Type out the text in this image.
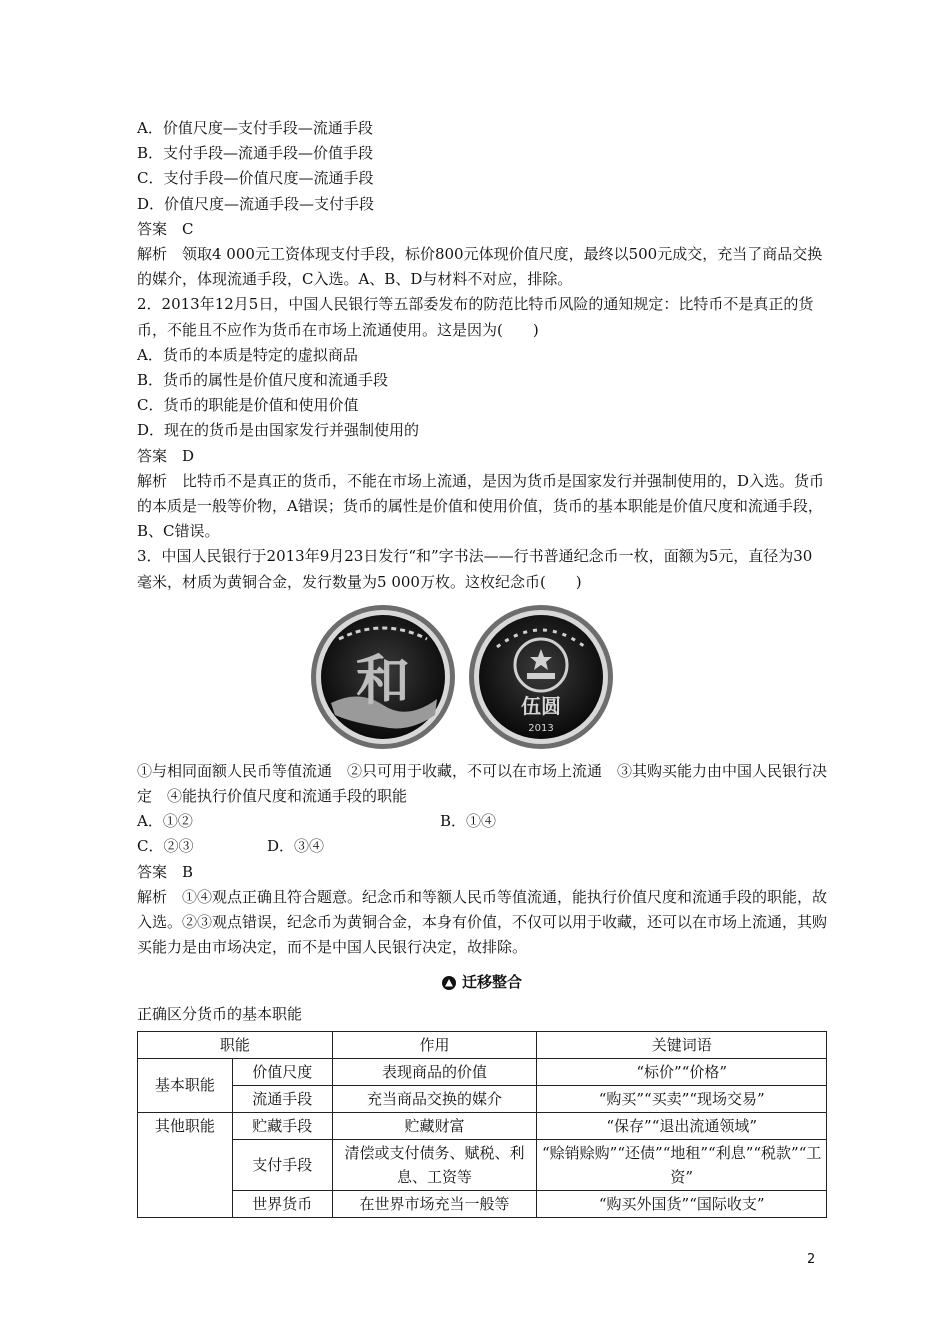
A．价值尺度—支付手段—流通手段
B．支付手段—流通手段—价值手段
C．支付手段—价值尺度—流通手段
D．价值尺度—流通手段—支付手段
答案　C
解析　领取4 000元工资体现支付手段，标价800元体现价值尺度，最终以500元成交，充当了商品交换的媒介，体现流通手段，C入选。A、B、D与材料不对应，排除。
2．2013年12月5日，中国人民银行等五部委发布的防范比特币风险的通知规定：比特币不是真正的货币，不能且不应作为货币在市场上流通使用。这是因为(　　)
A．货币的本质是特定的虚拟商品
B．货币的属性是价值尺度和流通手段
C．货币的职能是价值和使用价值
D．现在的货币是由国家发行并强制使用的
答案　D
解析　比特币不是真正的货币，不能在市场上流通，是因为货币是国家发行并强制使用的，D入选。货币的本质是一般等价物，A错误；货币的属性是价值和使用价值，货币的基本职能是价值尺度和流通手段，B、C错误。
3．中国人民银行于2013年9月23日发行“和”字书法——行书普通纪念币一枚，面额为5元，直径为30毫米，材质为黄铜合金，发行数量为5 000万枚。这枚纪念币(　　)
和	伍圆
2013
①与相同面额人民币等值流通　②只可用于收藏，不可以在市场上流通　③其购买能力由中国人民银行决定　④能执行价值尺度和流通手段的职能
A．①②	B．①④
C．②③	D．③④
答案　B
解析　①④观点正确且符合题意。纪念币和等额人民币等值流通，能执行价值尺度和流通手段的职能，故入选。②③观点错误，纪念币为黄铜合金，本身有价值，不仅可以用于收藏，还可以在市场上流通，其购买能力是由市场决定，而不是中国人民银行决定，故排除。
迁移整合
正确区分货币的基本职能
职能		作用	关键词语
基本职能	价值尺度	表现商品的价值	“标价”“价格”
	流通手段	充当商品交换的媒介	“购买”“买卖”“现场交易”
其他职能	贮藏手段	贮藏财富	“保存”“退出流通领域”
	支付手段	清偿或支付债务、赋税、利息、工资等	“赊销赊购”“还债”“地租”“利息”“税款”“工资”
	世界货币	在世界市场充当一般等	“购买外国货”“国际收支”
2
